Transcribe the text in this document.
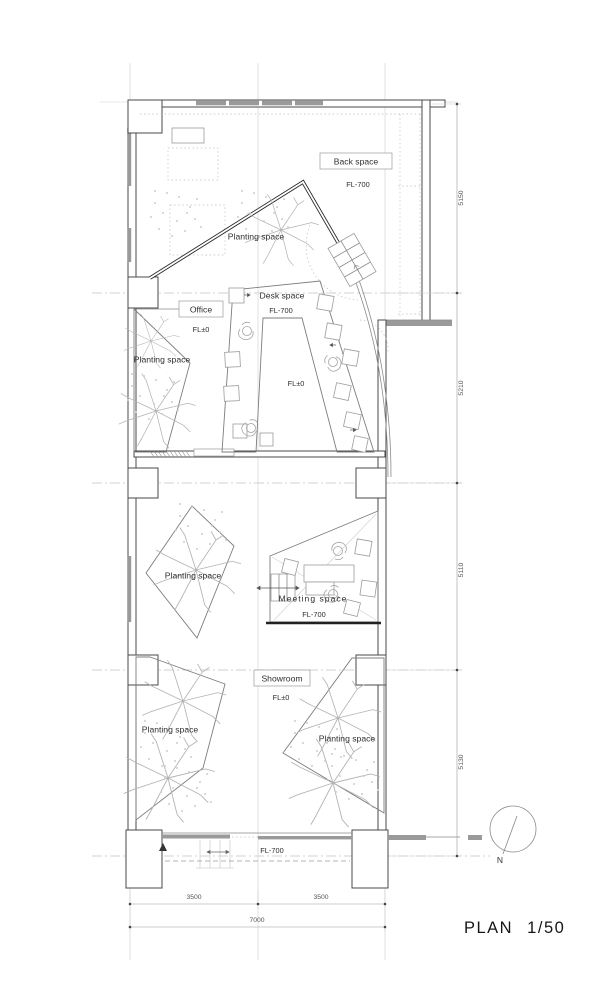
Back space
FL-700
Planting space
Office
FL±0
Desk space
FL-700
FL±0
Planting space
Planting space
Meeting space
FL-700
Showroom
FL±0
Planting space
Planting space
FL-700
5150
5210
5110
5130
3500	3500
7000
N
PLAN 1/50
